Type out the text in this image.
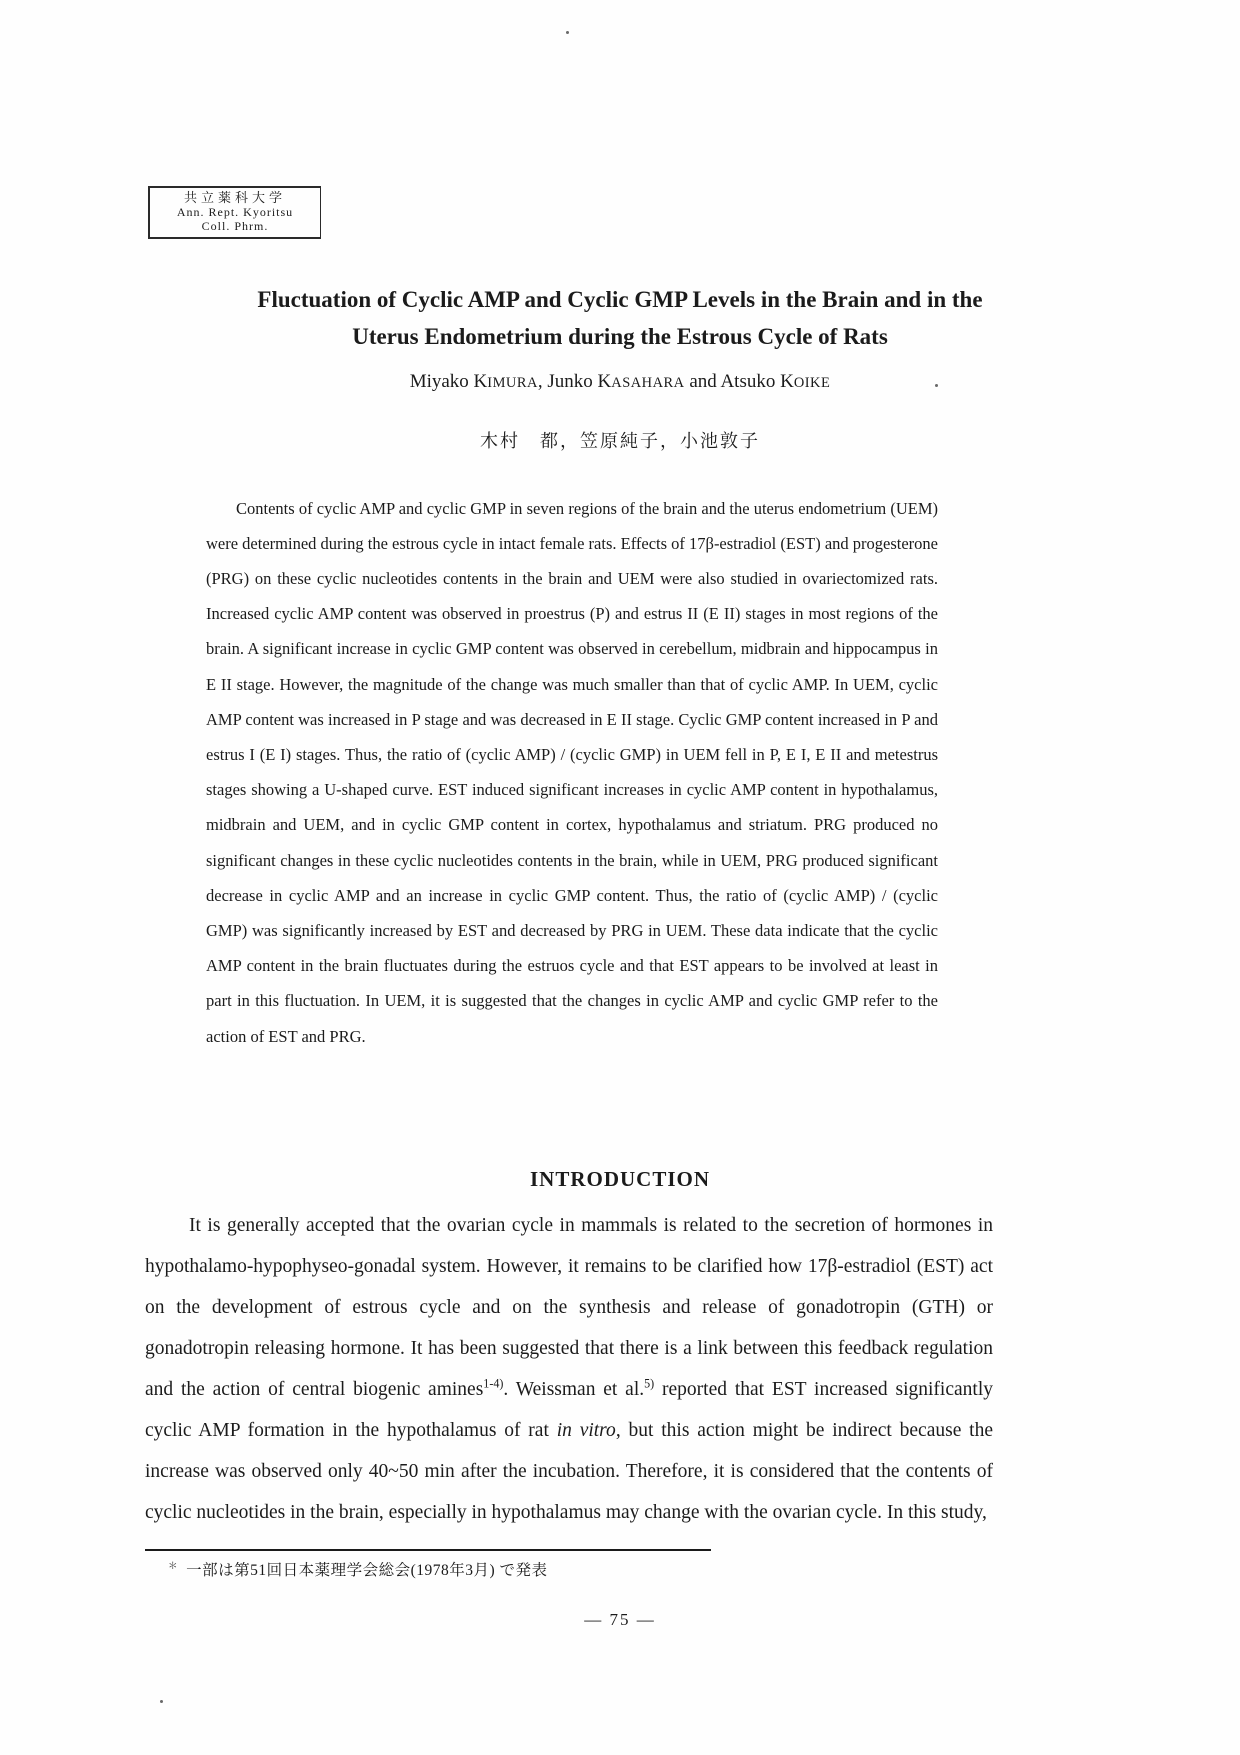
共立薬科大学
Ann. Rept. Kyoritsu
Coll. Phrm.
Fluctuation of Cyclic AMP and Cyclic GMP Levels in the Brain and in the Uterus Endometrium during the Estrous Cycle of Rats
Miyako KIMURA, Junko KASAHARA and Atsuko KOIKE
木村　都，笠原純子，小池敦子

Contents of cyclic AMP and cyclic GMP in seven regions of the brain and the uterus endometrium (UEM) were determined during the estrous cycle in intact female rats. Effects of 17β-estradiol (EST) and progesterone (PRG) on these cyclic nucleotides contents in the brain and UEM were also studied in ovariectomized rats. Increased cyclic AMP content was observed in proestrus (P) and estrus II (E II) stages in most regions of the brain. A significant increase in cyclic GMP content was observed in cerebellum, midbrain and hippocampus in E II stage. However, the magnitude of the change was much smaller than that of cyclic AMP. In UEM, cyclic AMP content was increased in P stage and was decreased in E II stage. Cyclic GMP content increased in P and estrus I (E I) stages. Thus, the ratio of (cyclic AMP) / (cyclic GMP) in UEM fell in P, E I, E II and metestrus stages showing a U-shaped curve. EST induced significant increases in cyclic AMP content in hypothalamus, midbrain and UEM, and in cyclic GMP content in cortex, hypothalamus and striatum. PRG produced no significant changes in these cyclic nucleotides contents in the brain, while in UEM, PRG produced significant decrease in cyclic AMP and an increase in cyclic GMP content. Thus, the ratio of (cyclic AMP) / (cyclic GMP) was significantly increased by EST and decreased by PRG in UEM. These data indicate that the cyclic AMP content in the brain fluctuates during the estruos cycle and that EST appears to be involved at least in part in this fluctuation. In UEM, it is suggested that the changes in cyclic AMP and cyclic GMP refer to the action of EST and PRG.

INTRODUCTION

It is generally accepted that the ovarian cycle in mammals is related to the secretion of hormones in hypothalamo-hypophyseo-gonadal system. However, it remains to be clarified how 17β-estradiol (EST) act on the development of estrous cycle and on the synthesis and release of gonadotropin (GTH) or gonadotropin releasing hormone. It has been suggested that there is a link between this feedback regulation and the action of central biogenic amines$^{1-4)}$. Weissman et al.$^{5)}$ reported that EST increased significantly cyclic AMP formation in the hypothalamus of rat in vitro, but this action might be indirect because the increase was observed only 40~50 min after the incubation. Therefore, it is considered that the contents of cyclic nucleotides in the brain, especially in hypothalamus may change with the ovarian cycle. In this study,

＊ 一部は第51回日本薬理学会総会(1978年3月) で発表
— 75 —
